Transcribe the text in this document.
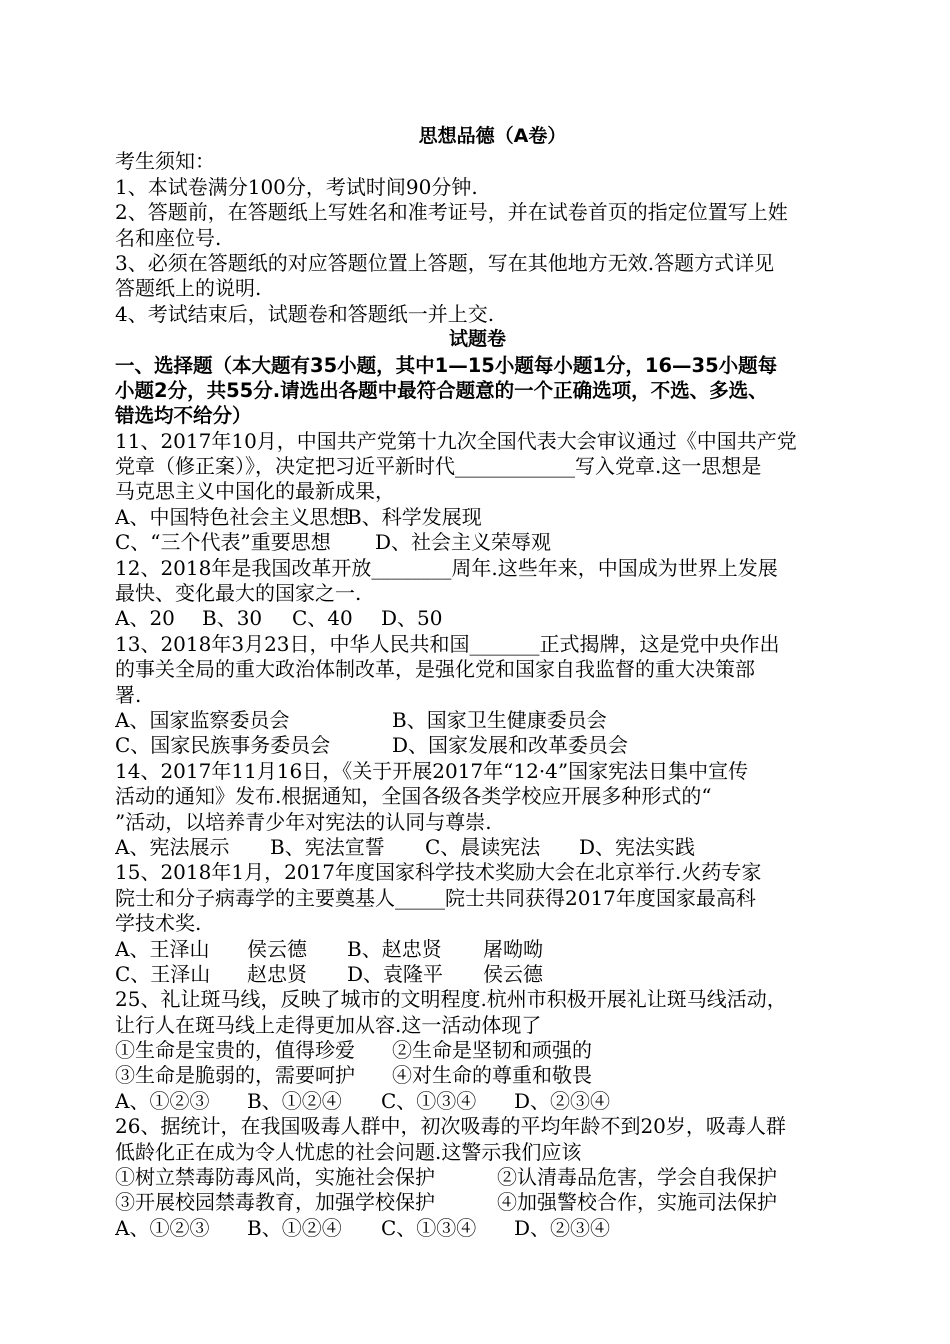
思想品德（A卷）
考生须知：
1、本试卷满分100分，考试时间90分钟.
2、答题前，在答题纸上写姓名和准考证号，并在试卷首页的指定位置写上姓
名和座位号.
3、必须在答题纸的对应答题位置上答题，写在其他地方无效.答题方式详见
答题纸上的说明.
4、考试结束后，试题卷和答题纸一并上交.
试题卷
一、选择题（本大题有35小题，其中1—15小题每小题1分，16—35小题每
小题2分，共55分.请选出各题中最符合题意的一个正确选项，不选、多选、
错选均不给分）
11、2017年10月，中国共产党第十九次全国代表大会审议通过《中国共产党
党章（修正案）》，决定把习近平新时代____________写入党章.这一思想是
马克思主义中国化的最新成果，
A、中国特色社会主义思想B、科学发展现
C、“三个代表”重要思想 D、社会主义荣辱观
12、2018年是我国改革开放________周年.这些年来，中国成为世界上发展
最快、变化最大的国家之一.
A、20 B、30 C、40 D、50
13、2018年3月23日，中华人民共和国_______正式揭牌，这是党中央作出
的事关全局的重大政治体制改革，是强化党和国家自我监督的重大决策部
署.
A、国家监察委员会	B、国家卫生健康委员会
C、国家民族事务委员会	D、国家发展和改革委员会
14、2017年11月16日，《关于开展2017年“12·4”国家宪法日集中宣传
活动的通知》发布.根据通知，全国各级各类学校应开展多种形式的“
”活动，以培养青少年对宪法的认同与尊崇.
A、宪法展示 B、宪法宣誓 C、晨读宪法 D、宪法实践
15、2018年1月，2017年度国家科学技术奖励大会在北京举行.火药专家
院士和分子病毒学的主要奠基人_____院士共同获得2017年度国家最高科
学技术奖.
A、王泽山 侯云德 B、赵忠贤 屠呦呦
C、王泽山 赵忠贤 D、袁隆平 侯云德
25、礼让斑马线，反映了城市的文明程度.杭州市积极开展礼让斑马线活动，
让行人在斑马线上走得更加从容.这一活动体现了
①生命是宝贵的，值得珍爱 ②生命是坚韧和顽强的
③生命是脆弱的，需要呵护 ④对生命的尊重和敬畏
A、①②③ B、①②④ C、①③④ D、②③④
26、据统计，在我国吸毒人群中，初次吸毒的平均年龄不到20岁，吸毒人群
低龄化正在成为令人忧虑的社会问题.这警示我们应该
①树立禁毒防毒风尚，实施社会保护	②认清毒品危害，学会自我保护
③开展校园禁毒教育，加强学校保护	④加强警校合作，实施司法保护
A、①②③ B、①②④ C、①③④ D、②③④
